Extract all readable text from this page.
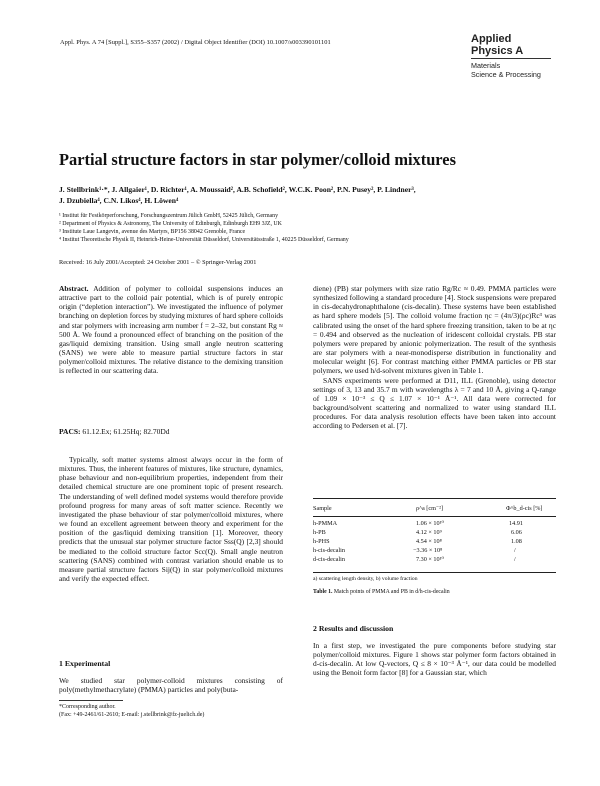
Appl. Phys. A 74 [Suppl.], S355–S357 (2002) / Digital Object Identifier (DOI) 10.1007/s003390101101	Applied Physics A
Materials
Science & Processing
Partial structure factors in star polymer/colloid mixtures
J. Stellbrink¹·*, J. Allgaier¹, D. Richter¹, A. Moussaid², A.B. Schofield², W.C.K. Poon², P.N. Pusey², P. Lindner³,
J. Dzubiella⁴, C.N. Likos⁴, H. Löwen⁴
¹ Institut für Festkörperforschung, Forschungszentrum Jülich GmbH, 52425 Jülich, Germany
² Department of Physics & Astronomy, The University of Edinburgh, Edinburgh EH9 3JZ, UK
³ Institute Laue Langevin, avenue des Martyrs, BP156 38042 Grenoble, France
⁴ Institut Theoretische Physik II, Heinrich-Heine-Universität Düsseldorf, Universitätsstraße 1, 40225 Düsseldorf, Germany
Received: 16 July 2001/Accepted: 24 October 2001 – © Springer-Verlag 2001
Abstract. Addition of polymer to colloidal suspensions induces an attractive part to the colloid pair potential, which is of purely entropic origin (“depletion interaction”). We investigated the influence of polymer branching on depletion forces by studying mixtures of hard sphere colloids and star polymers with increasing arm number f = 2–32, but constant Rg ≈ 500 Å. We found a pronounced effect of branching on the position of the gas/liquid demixing transition. Using small angle neutron scattering (SANS) we were able to measure partial structure factors in star polymer/colloid mixtures. The relative distance to the demixing transition is reflected in our scattering data.
PACS: 61.12.Ex; 61.25Hq; 82.70Dd

Typically, soft matter systems almost always occur in the form of mixtures. Thus, the inherent features of mixtures, like structure, dynamics, phase behaviour and non-equilibrium properties, independent from their detailed chemical structure are one prominent topic of present research. The understanding of well defined model systems would therefore provide profound progress for many areas of soft matter science. Recently we investigated the phase behaviour of star polymer/colloid mixtures, where we found an excellent agreement between theory and experiment for the position of the gas/liquid demixing transition [1]. Moreover, theory predicts that the unusual star polymer structure factor Sss(Q) [2,3] should be mediated to the colloid structure factor Scc(Q). Small angle neutron scattering (SANS) combined with contrast variation should enable us to measure partial structure factors Sij(Q) in star polymer/colloid mixtures and verify the expected effect.

1 Experimental
We studied star polymer-colloid mixtures consisting of poly(methylmethacrylate) (PMMA) particles and poly(buta-
*Corresponding author.
(Fax: +49-2461/61-2610; E-mail: j.stellbrink@fz-juelich.de)

diene) (PB) star polymers with size ratio Rg/Rc ≈ 0.49. PMMA particles were synthesized following a standard procedure [4]. Stock suspensions were prepared in cis-decahydronaphthalone (cis-decalin). These systems have been established as hard sphere models [5]. The colloid volume fraction ηc = (4π/3)(ρc)Rc³ was calibrated using the onset of the hard sphere freezing transition, taken to be at ηc = 0.494 and observed as the nucleation of iridescent colloidal crystals. PB star polymers were prepared by anionic polymerization. The result of the synthesis are star polymers with a near-monodisperse distribution in functionality and molecular weight [6]. For contrast matching either PMMA particles or PB star polymers, we used h/d-solvent mixtures given in Table 1.

SANS experiments were performed at D11, ILL (Grenoble), using detector settings of 3, 13 and 35.7 m with wavelengths λ = 7 and 10 Å, giving a Q-range of 1.09 × 10⁻³ ≤ Q ≤ 1.07 × 10⁻¹ Å⁻¹. All data were corrected for background/solvent scattering and normalized to water using standard ILL procedures. For data analysis resolution effects have been taken into account according to Pedersen et al. [7].

Sample	ρ^a [cm⁻²]	Φ^b_d-cis [%]
h-PMMA	1.06 × 10¹⁰	14.91
h-PB	4.12 × 10⁹	6.06
h-PHS	4.54 × 10⁸	1.08
h-cis-decalin	−3.36 × 10⁸	/
d-cis-decalin	7.30 × 10¹⁰	/
a) scattering length density, b) volume fraction
Table 1. Match points of PMMA and PB in d/h-cis-decalin
2 Results and discussion
In a first step, we investigated the pure components before studying star polymer/colloid mixtures. Figure 1 shows star polymer form factors obtained in d-cis-decalin. At low Q-vectors, Q ≤ 8 × 10⁻³ Å⁻¹, our data could be modelled using the Benoit form factor [8] for a Gaussian star, which
